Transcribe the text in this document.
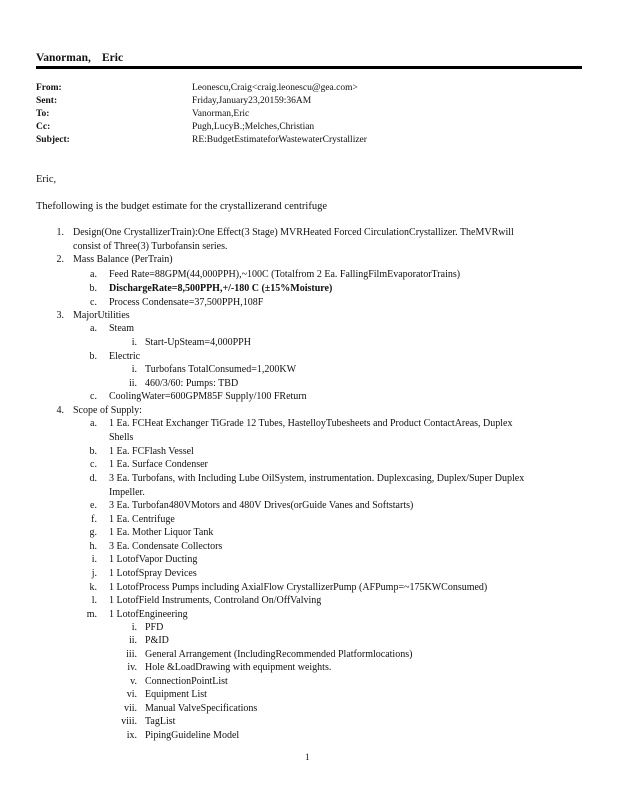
Vanorman, Eric
From:	Leonescu,Craig<craig.leonescu@gea.com>
Sent:	Friday,January23,20159:36AM
To:	Vanorman,Eric
Cc:	Pugh,LucyB.;Melches,Christian
Subject:	RE:BudgetEstimateforWastewaterCrystallizer
Eric,
Thefollowing is the budget estimate for the crystallizerand centrifuge
1. Design(One CrystallizerTrain):One Effect(3 Stage) MVRHeated Forced CirculationCrystallizer. TheMVRwill
consist of Three(3) Turbofansin series.
2. Mass Balance (PerTrain)
a. Feed Rate=88GPM(44,000PPH),~100C (Totalfrom 2 Ea. FallingFilmEvaporatorTrains)
b. DischargeRate=8,500PPH,+/-180 C (±15%Moisture)
c. Process Condensate=37,500PPH,108F
3. MajorUtilities
a. Steam
i. Start-UpSteam=4,000PPH
b. Electric
i. Turbofans TotalConsumed=1,200KW
ii. 460/3/60: Pumps: TBD
c. CoolingWater=600GPM85F Supply/100 FReturn
4. Scope of Supply:
a. 1 Ea. FCHeat Exchanger TiGrade 12 Tubes, HastelloyTubesheets and Product ContactAreas, Duplex
Shells
b. 1 Ea. FCFlash Vessel
c. 1 Ea. Surface Condenser
d. 3 Ea. Turbofans, with Including Lube OilSystem, instrumentation. Duplexcasing, Duplex/Super Duplex
Impeller.
e. 3 Ea. Turbofan480VMotors and 480V Drives(orGuide Vanes and Softstarts)
f. 1 Ea. Centrifuge
g. 1 Ea. Mother Liquor Tank
h. 3 Ea. Condensate Collectors
i. 1 LotofVapor Ducting
j. 1 LotofSpray Devices
k. 1 LotofProcess Pumps including AxialFlow CrystallizerPump (AFPump=~175KWConsumed)
l. 1 LotofField Instruments, Controland On/OffValving
m. 1 LotofEngineering
i. PFD
ii. P&ID
iii. General Arrangement (IncludingRecommended Platformlocations)
iv. Hole &LoadDrawing with equipment weights.
v. ConnectionPointList
vi. Equipment List
vii. Manual ValveSpecifications
viii. TagList
ix. PipingGuideline Model
1
